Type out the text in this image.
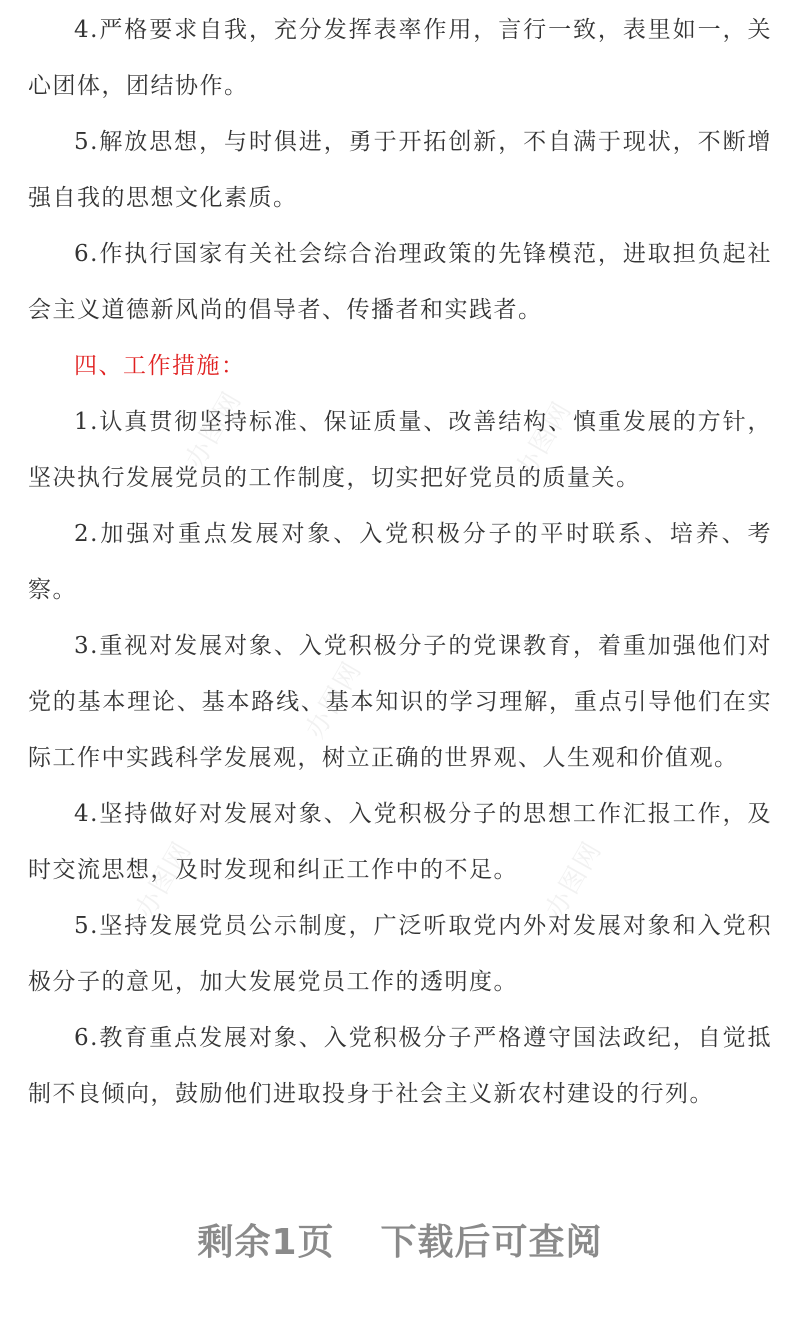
4.严格要求自我，充分发挥表率作用，言行一致，表里如一，关心团体，团结协作。

5.解放思想，与时俱进，勇于开拓创新，不自满于现状，不断增强自我的思想文化素质。

6.作执行国家有关社会综合治理政策的先锋模范，进取担负起社会主义道德新风尚的倡导者、传播者和实践者。

四、工作措施：

1.认真贯彻坚持标准、保证质量、改善结构、慎重发展的方针，坚决执行发展党员的工作制度，切实把好党员的质量关。

2.加强对重点发展对象、入党积极分子的平时联系、培养、考察。

3.重视对发展对象、入党积极分子的党课教育，着重加强他们对党的基本理论、基本路线、基本知识的学习理解，重点引导他们在实际工作中实践科学发展观，树立正确的世界观、人生观和价值观。

4.坚持做好对发展对象、入党积极分子的思想工作汇报工作，及时交流思想，及时发现和纠正工作中的不足。

5.坚持发展党员公示制度，广泛听取党内外对发展对象和入党积极分子的意见，加大发展党员工作的透明度。

6.教育重点发展对象、入党积极分子严格遵守国法政纪，自觉抵制不良倾向，鼓励他们进取投身于社会主义新农村建设的行列。

办图网	办图网
办图网
办图网	办图网
剩余1页 下载后可查阅
